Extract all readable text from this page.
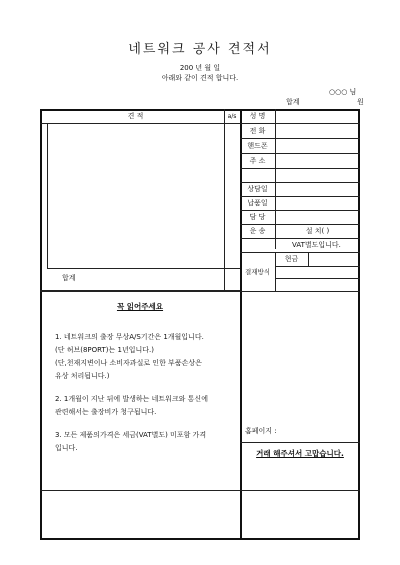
네트워크 공사 견적서
200 년 월 일
아래와 같이 견적 합니다.
○○○ 님
합계	원
견 적	a/s
합계
성 명
전 화
핸드폰
주 소
상담일
납품일
담 당
운 송	설 치( )
VAT별도입니다.
현금
결재방식
꼭 읽어주세요
1. 네트워크의 출장 무상A/S기간은 1개월입니다.
(단 허브(8PORT)는 1년입니다.)
(단,천재지변이나 소비자과실로 인한 부품손상은
유상 처리됩니다.)
2. 1개월이 지난 뒤에 발생하는 네트워크와 통신에
관련해서는 출장비가 청구됩니다.
3. 모든 제품의가격은 세금(VAT별도) 미포함 가격
입니다.
홈페이지 :
거래 해주셔서 고맙습니다.
